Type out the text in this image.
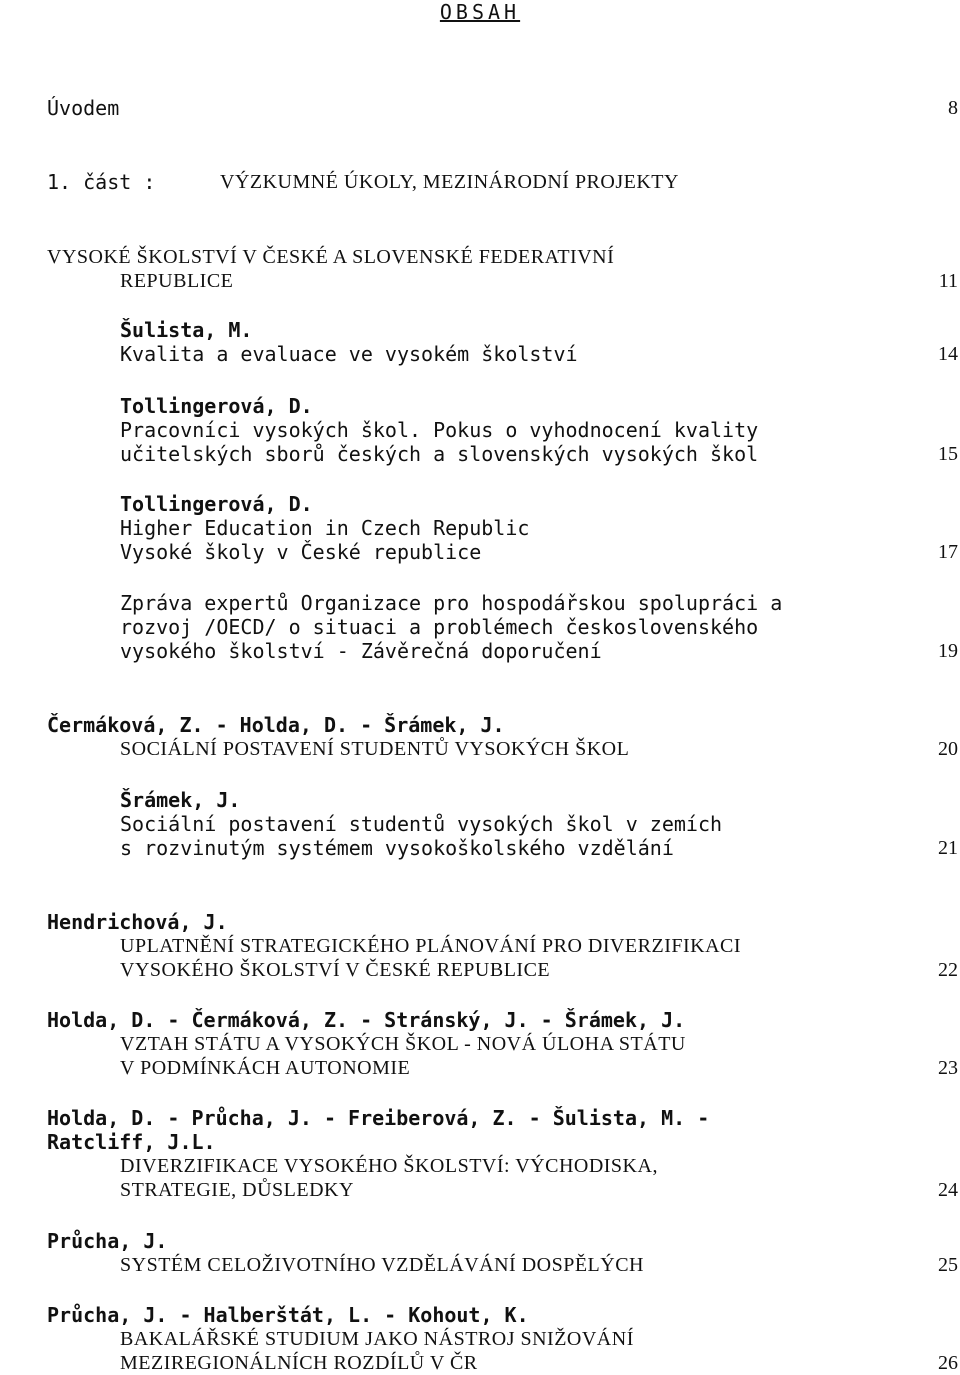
OBSAH
Úvodem	8
1. část :	VÝZKUMNÉ ÚKOLY, MEZINÁRODNÍ PROJEKTY
VYSOKÉ ŠKOLSTVÍ V ČESKÉ A SLOVENSKÉ FEDERATIVNÍ
REPUBLICE	11
Šulista, M.
Kvalita a evaluace ve vysokém školství	14
Tollingerová, D.
Pracovníci vysokých škol. Pokus o vyhodnocení kvality
učitelských sborů českých a slovenských vysokých škol	15
Tollingerová, D.
Higher Education in Czech Republic
Vysoké školy v České republice	17
Zpráva expertů Organizace pro hospodářskou spolupráci a
rozvoj /OECD/ o situaci a problémech československého
vysokého školství - Závěrečná doporučení	19
Čermáková, Z. - Holda, D. - Šrámek, J.
SOCIÁLNÍ POSTAVENÍ STUDENTŮ VYSOKÝCH ŠKOL	20
Šrámek, J.
Sociální postavení studentů vysokých škol v zemích
s rozvinutým systémem vysokoškolského vzdělání	21
Hendrichová, J.
UPLATNĚNÍ STRATEGICKÉHO PLÁNOVÁNÍ PRO DIVERZIFIKACI
VYSOKÉHO ŠKOLSTVÍ V ČESKÉ REPUBLICE	22
Holda, D. - Čermáková, Z. - Stránský, J. - Šrámek, J.
VZTAH STÁTU A VYSOKÝCH ŠKOL - NOVÁ ÚLOHA STÁTU
V PODMÍNKÁCH AUTONOMIE	23
Holda, D. - Průcha, J. - Freiberová, Z. - Šulista, M. -
Ratcliff, J.L.
DIVERZIFIKACE VYSOKÉHO ŠKOLSTVÍ: VÝCHODISKA,
STRATEGIE, DŮSLEDKY	24
Průcha, J.
SYSTÉM CELOŽIVOTNÍHO VZDĚLÁVÁNÍ DOSPĚLÝCH	25
Průcha, J. - Halberštát, L. - Kohout, K.
BAKALÁŘSKÉ STUDIUM JAKO NÁSTROJ SNIŽOVÁNÍ
MEZIREGIONÁLNÍCH ROZDÍLŮ V ČR	26
